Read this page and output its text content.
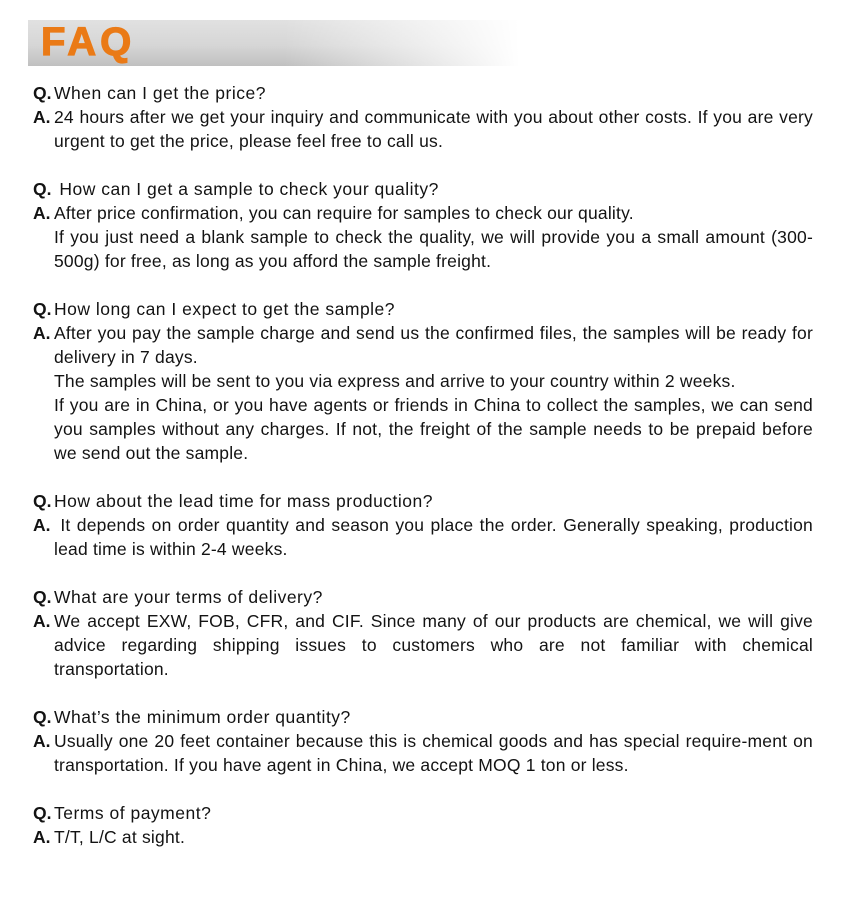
FAQ
Q. When can I get the price?
A. 24 hours after we get your inquiry and communicate with you about other costs. If you are very urgent to get the price, please feel free to call us.
Q. How can I get a sample to check your quality?
A. After price confirmation, you can require for samples to check our quality.
If you just need a blank sample to check the quality, we will provide you a small amount (300-500g) for free, as long as you afford the sample freight.
Q. How long can I expect to get the sample?
A. After you pay the sample charge and send us the confirmed files, the samples will be ready for delivery in 7 days.
The samples will be sent to you via express and arrive to your country within 2 weeks.
If you are in China, or you have agents or friends in China to collect the samples, we can send you samples without any charges. If not, the freight of the sample needs to be prepaid before we send out the sample.
Q. How about the lead time for mass production?
A. It depends on order quantity and season you place the order. Generally speaking, production lead time is within 2-4 weeks.
Q. What are your terms of delivery?
A. We accept EXW, FOB, CFR, and CIF. Since many of our products are chemical, we will give advice regarding shipping issues to customers who are not familiar with chemical transportation.
Q. What’s the minimum order quantity?
A. Usually one 20 feet container because this is chemical goods and has special require-ment on transportation. If you have agent in China, we accept MOQ 1 ton or less.
Q. Terms of payment?
A. T/T, L/C at sight.
